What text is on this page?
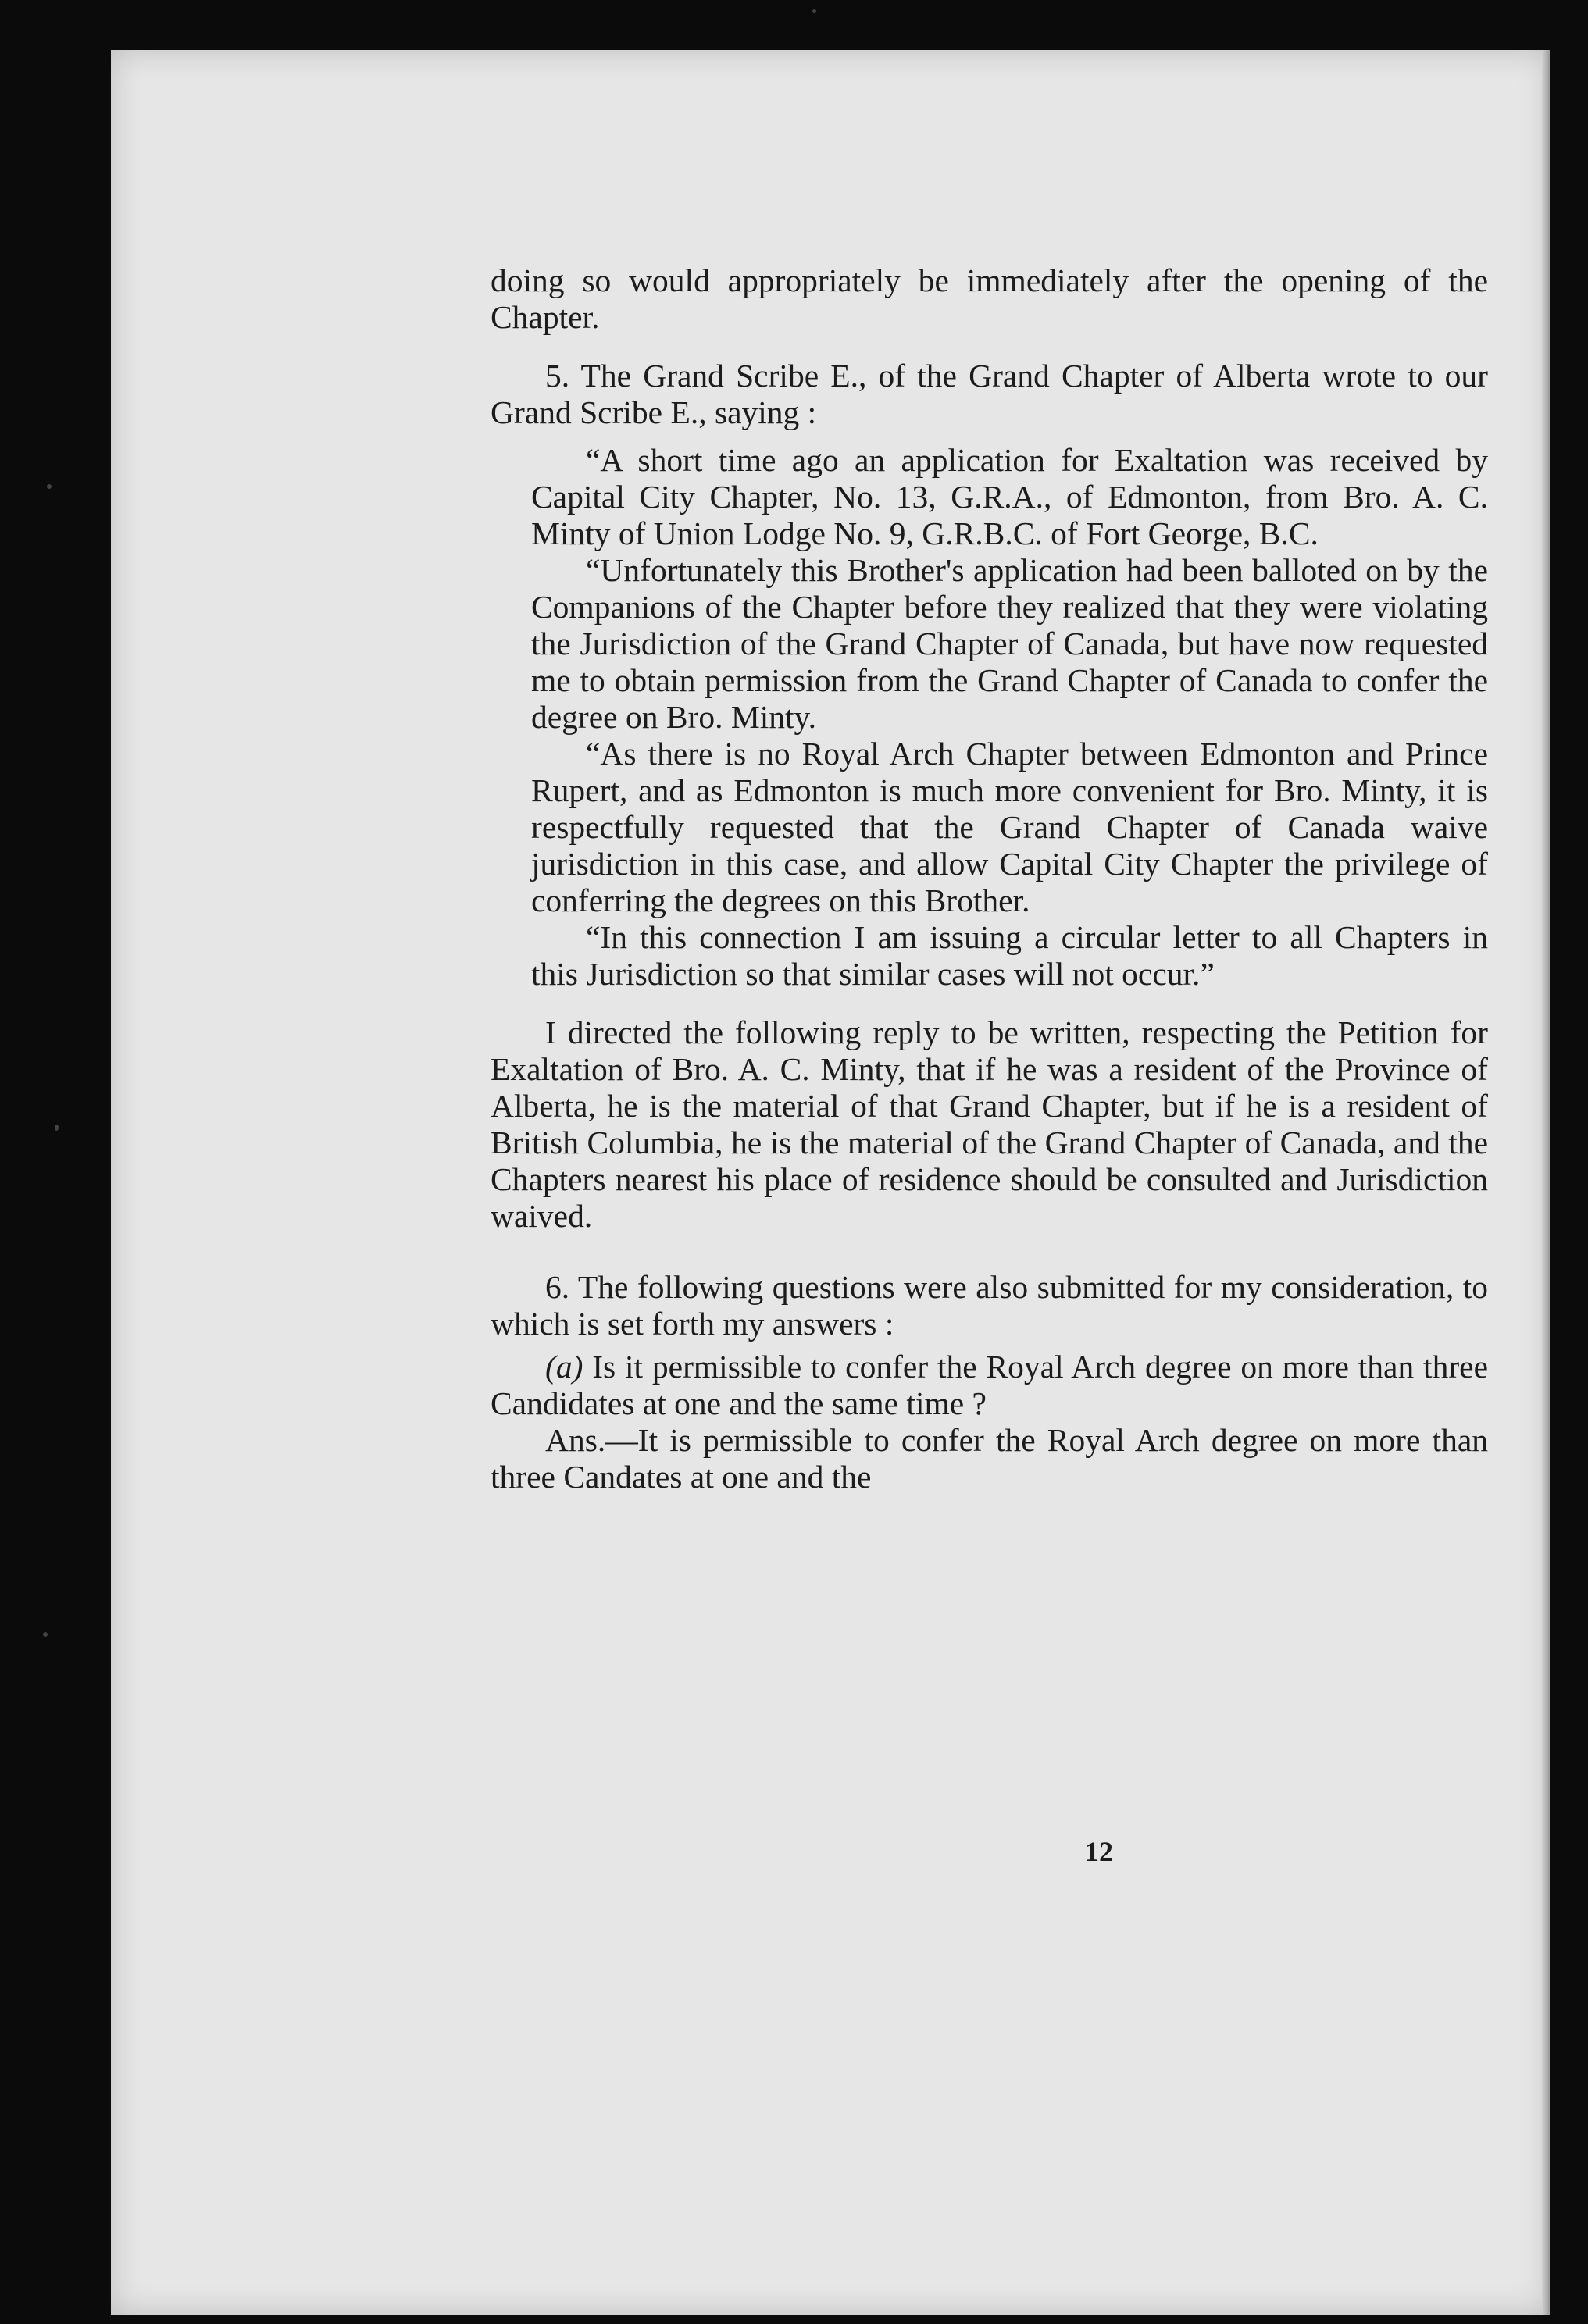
doing so would appropriately be immediately after the opening of the Chapter.

5. The Grand Scribe E., of the Grand Chapter of Alberta wrote to our Grand Scribe E., saying :

“A short time ago an application for Exaltation was received by Capital City Chapter, No. 13, G.R.A., of Edmonton, from Bro. A. C. Minty of Union Lodge No. 9, G.R.B.C. of Fort George, B.C.

“Unfortunately this Brother's application had been balloted on by the Companions of the Chapter before they realized that they were violating the Jurisdiction of the Grand Chapter of Canada, but have now requested me to obtain permission from the Grand Chapter of Canada to confer the degree on Bro. Minty.

“As there is no Royal Arch Chapter between Edmonton and Prince Rupert, and as Edmonton is much more convenient for Bro. Minty, it is respectfully requested that the Grand Chapter of Canada waive jurisdiction in this case, and allow Capital City Chapter the privilege of conferring the degrees on this Brother.

“In this connection I am issuing a circular letter to all Chapters in this Jurisdiction so that similar cases will not occur.”

I directed the following reply to be written, respecting the Petition for Exaltation of Bro. A. C. Minty, that if he was a resident of the Province of Alberta, he is the material of that Grand Chapter, but if he is a resident of British Columbia, he is the material of the Grand Chapter of Canada, and the Chapters nearest his place of residence should be consulted and Jurisdiction waived.

6. The following questions were also submitted for my consideration, to which is set forth my answers :

(a) Is it permissible to confer the Royal Arch degree on more than three Candidates at one and the same time ?

Ans.—It is permissible to confer the Royal Arch degree on more than three Candates at one and the

12
